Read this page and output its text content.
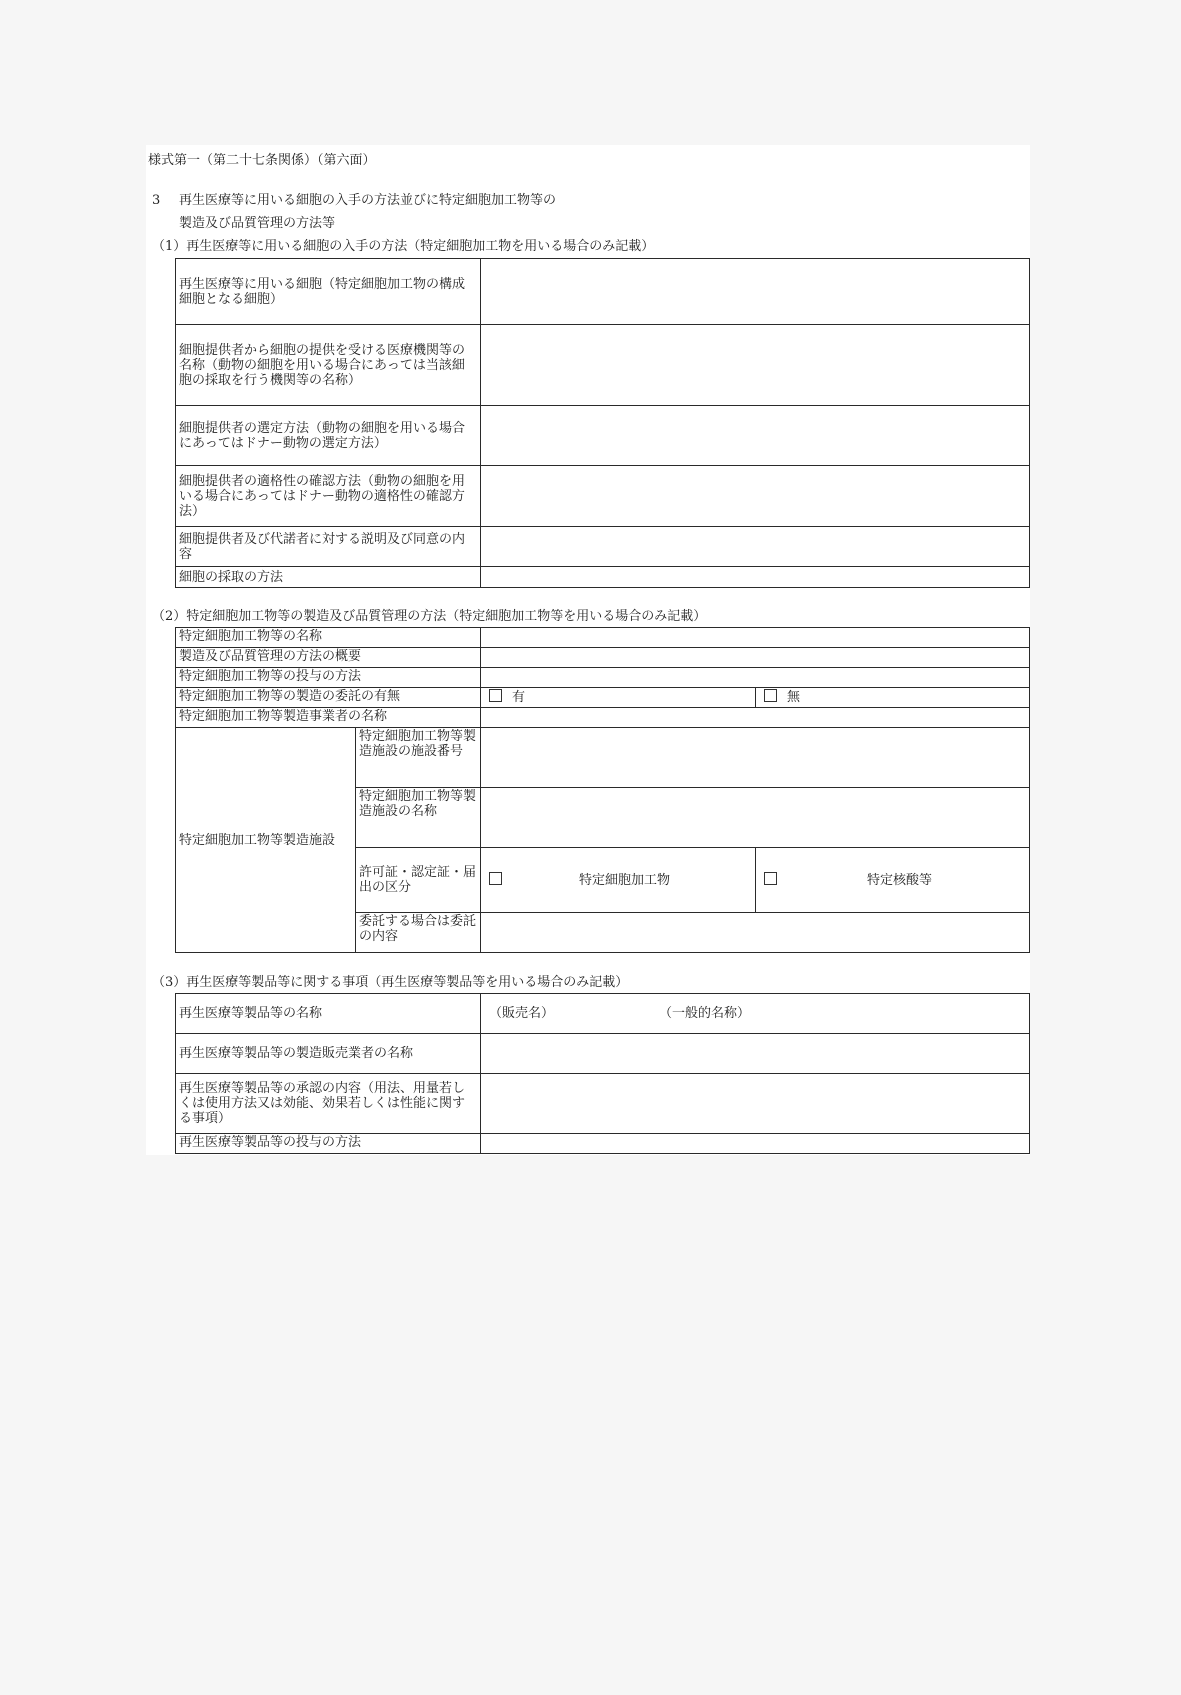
様式第一（第二十七条関係）（第六面）
3 再生医療等に用いる細胞の入手の方法並びに特定細胞加工物等の
製造及び品質管理の方法等
（1）再生医療等に用いる細胞の入手の方法（特定細胞加工物を用いる場合のみ記載）
再生医療等に用いる細胞（特定細胞加工物の構成細胞となる細胞）	
細胞提供者から細胞の提供を受ける医療機関等の名称（動物の細胞を用いる場合にあっては当該細胞の採取を行う機関等の名称）	
細胞提供者の選定方法（動物の細胞を用いる場合にあってはドナー動物の選定方法）	
細胞提供者の適格性の確認方法（動物の細胞を用いる場合にあってはドナー動物の適格性の確認方法）	
細胞提供者及び代諾者に対する説明及び同意の内容	
細胞の採取の方法	
（2）特定細胞加工物等の製造及び品質管理の方法（特定細胞加工物等を用いる場合のみ記載）
特定細胞加工物等の名称			
製造及び品質管理の方法の概要			
特定細胞加工物等の投与の方法			
特定細胞加工物等の製造の委託の有無		有	無
特定細胞加工物等製造事業者の名称			
特定細胞加工物等製造施設	特定細胞加工物等製造施設の施設番号		
	特定細胞加工物等製造施設の名称		
	許可証・認定証・届出の区分	特定細胞加工物	特定核酸等
	委託する場合は委託の内容		
（3）再生医療等製品等に関する事項（再生医療等製品等を用いる場合のみ記載）
再生医療等製品等の名称	（販売名） （一般的名称）
再生医療等製品等の製造販売業者の名称	
再生医療等製品等の承認の内容（用法、用量若しくは使用方法又は効能、効果若しくは性能に関する事項）	
再生医療等製品等の投与の方法	
